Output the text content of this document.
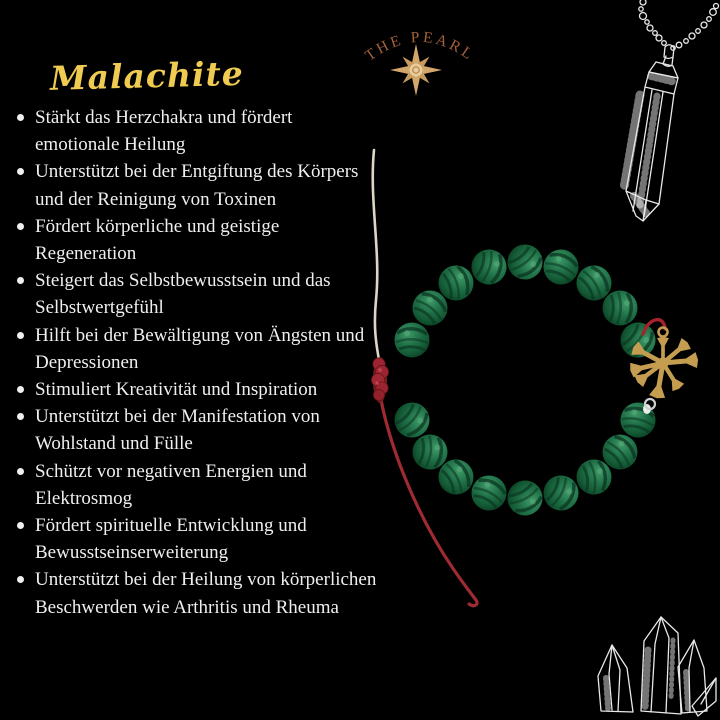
THE PEARL
Malachite
Stärkt das Herzchakra und fördert
emotionale Heilung
Unterstützt bei der Entgiftung des Körpers
und der Reinigung von Toxinen
Fördert körperliche und geistige
Regeneration
Steigert das Selbstbewusstsein und das
Selbstwertgefühl
Hilft bei der Bewältigung von Ängsten und
Depressionen
Stimuliert Kreativität und Inspiration
Unterstützt bei der Manifestation von
Wohlstand und Fülle
Schützt vor negativen Energien und
Elektrosmog
Fördert spirituelle Entwicklung und
Bewusstseinserweiterung
Unterstützt bei der Heilung von körperlichen
Beschwerden wie Arthritis und Rheuma
